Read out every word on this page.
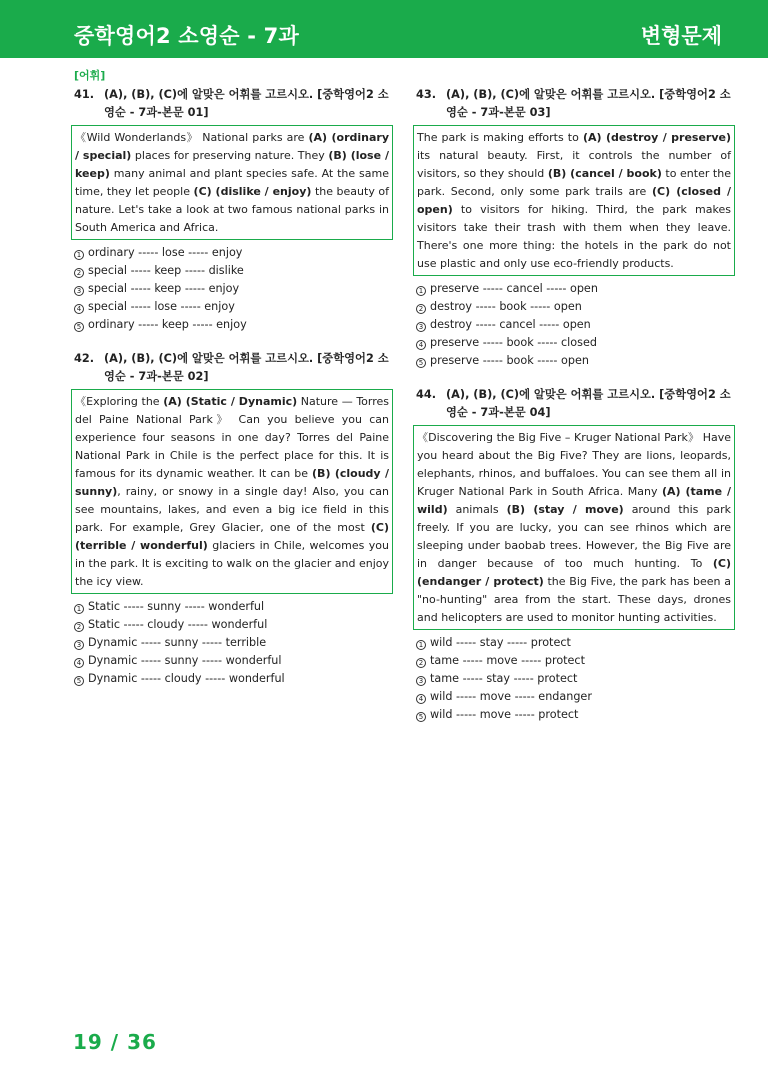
중학영어2 소영순 - 7과	변형문제
[어휘]
41. (A), (B), (C)에 알맞은 어휘를 고르시오. [중학영어2 소영순 - 7과-본문 01]
《Wild Wonderlands》 National parks are (A) (ordinary / special) places for preserving nature. They (B) (lose / keep) many animal and plant species safe. At the same time, they let people (C) (dislike / enjoy) the beauty of nature. Let's take a look at two famous national parks in South America and Africa.
1 ordinary ----- lose ----- enjoy
2 special ----- keep ----- dislike
3 special ----- keep ----- enjoy
4 special ----- lose ----- enjoy
5 ordinary ----- keep ----- enjoy
42. (A), (B), (C)에 알맞은 어휘를 고르시오. [중학영어2 소영순 - 7과-본문 02]
《Exploring the (A) (Static / Dynamic) Nature — Torres del Paine National Park》 Can you believe you can experience four seasons in one day? Torres del Paine National Park in Chile is the perfect place for this. It is famous for its dynamic weather. It can be (B) (cloudy / sunny), rainy, or snowy in a single day! Also, you can see mountains, lakes, and even a big ice field in this park. For example, Grey Glacier, one of the most (C) (terrible / wonderful) glaciers in Chile, welcomes you in the park. It is exciting to walk on the glacier and enjoy the icy view.
1 Static ----- sunny ----- wonderful
2 Static ----- cloudy ----- wonderful
3 Dynamic ----- sunny ----- terrible
4 Dynamic ----- sunny ----- wonderful
5 Dynamic ----- cloudy ----- wonderful
43. (A), (B), (C)에 알맞은 어휘를 고르시오. [중학영어2 소영순 - 7과-본문 03]
The park is making efforts to (A) (destroy / preserve) its natural beauty. First, it controls the number of visitors, so they should (B) (cancel / book) to enter the park. Second, only some park trails are (C) (closed / open) to visitors for hiking. Third, the park makes visitors take their trash with them when they leave. There's one more thing: the hotels in the park do not use plastic and only use eco-friendly products.
1 preserve ----- cancel ----- open
2 destroy ----- book ----- open
3 destroy ----- cancel ----- open
4 preserve ----- book ----- closed
5 preserve ----- book ----- open
44. (A), (B), (C)에 알맞은 어휘를 고르시오. [중학영어2 소영순 - 7과-본문 04]
《Discovering the Big Five – Kruger National Park》 Have you heard about the Big Five? They are lions, leopards, elephants, rhinos, and buffaloes. You can see them all in Kruger National Park in South Africa. Many (A) (tame / wild) animals (B) (stay / move) around this park freely. If you are lucky, you can see rhinos which are sleeping under baobab trees. However, the Big Five are in danger because of too much hunting. To (C) (endanger / protect) the Big Five, the park has been a "no-hunting" area from the start. These days, drones and helicopters are used to monitor hunting activities.
1 wild ----- stay ----- protect
2 tame ----- move ----- protect
3 tame ----- stay ----- protect
4 wild ----- move ----- endanger
5 wild ----- move ----- protect
19 / 36
